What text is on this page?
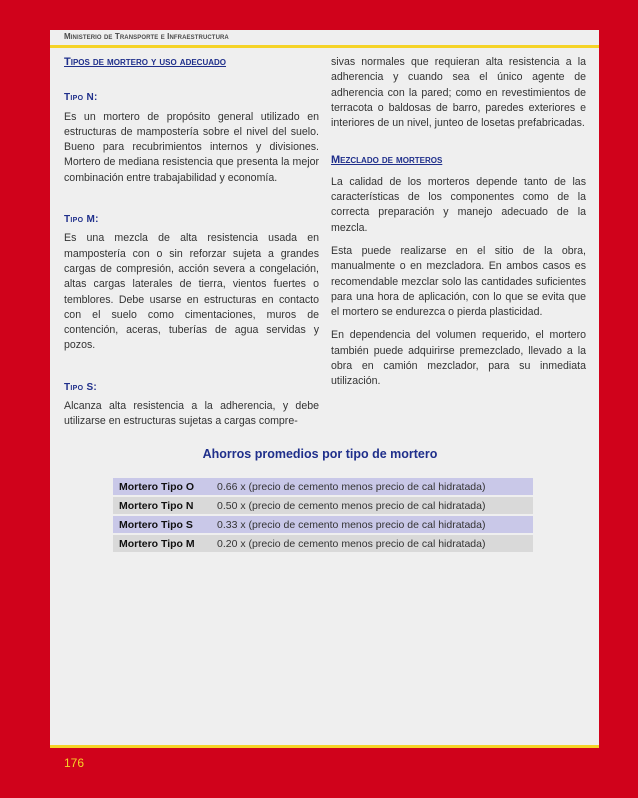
Ministerio de Transporte e Infraestructura
Tipos de mortero y uso adecuado
Tipo N:

Es un mortero de propósito general utilizado en estructuras de mampostería sobre el nivel del suelo. Bueno para recubrimientos internos y divisiones. Mortero de mediana resistencia que presenta la mejor combinación entre trabajabilidad y economía.

Tipo M:

Es una mezcla de alta resistencia usada en mampostería con o sin reforzar sujeta a grandes cargas de compresión, acción severa a congelación, altas cargas laterales de tierra, vientos fuertes o temblores. Debe usarse en estructuras en contacto con el suelo como cimentaciones, muros de contención, aceras, tuberías de agua servidas y pozos.

Tipo S:

Alcanza alta resistencia a la adherencia, y debe utilizarse en estructuras sujetas a cargas compre-

sivas normales que requieran alta resistencia a la adherencia y cuando sea el único agente de adherencia con la pared; como en revestimientos de terracota o baldosas de barro, paredes exteriores e interiores de un nivel, junteo de losetas prefabricadas.

Mezclado de morteros

La calidad de los morteros depende tanto de las características de los componentes como de la correcta preparación y manejo adecuado de la mezcla.

Esta puede realizarse en el sitio de la obra, manualmente o en mezcladora. En ambos casos es recomendable mezclar solo las cantidades suficientes para una hora de aplicación, con lo que se evita que el mortero se endurezca o pierda plasticidad.

En dependencia del volumen requerido, el mortero también puede adquirirse premezclado, llevado a la obra en camión mezclador, para su inmediata utilización.

Ahorros promedios por tipo de mortero
Mortero Tipo O	0.66 x (precio de cemento menos precio de cal hidratada)
Mortero Tipo N	0.50 x (precio de cemento menos precio de cal hidratada)
Mortero Tipo S	0.33 x (precio de cemento menos precio de cal hidratada)
Mortero Tipo M	0.20 x (precio de cemento menos precio de cal hidratada)
176
